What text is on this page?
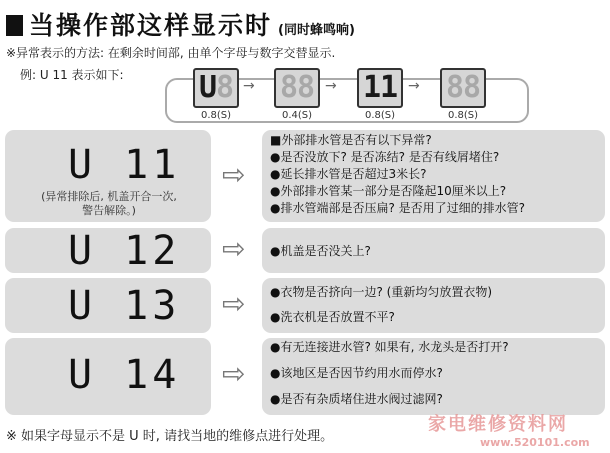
当操作部这样显示时 (同时蜂鸣响)
※异常表示的方法: 在剩余时间部, 由单个字母与数字交替显示.
例: U 11 表示如下:	U 8 88 11 88
→	→	→
0.8(S)	0.4(S)	0.8(S)	0.8(S)
U 11
(异常排除后, 机盖开合一次, 警告解除。)
⇨
■外部排水管是否有以下异常?
●是否没放下? 是否冻结? 是否有线屑堵住?
●延长排水管是否超过3米长?
●外部排水管某一部分是否隆起10厘米以上?
●排水管端部是否压扁? 是否用了过细的排水管?
U 12 ⇨ ●机盖是否没关上?
U 13 ⇨ ●衣物是否挤向一边? (重新均匀放置衣物)
●洗衣机是否放置不平?
U 14 ⇨
●有无连接进水管? 如果有, 水龙头是否打开?
●该地区是否因节约用水而停水?
●是否有杂质堵住进水阀过滤网?
※ 如果字母显示不是 U 时, 请找当地的维修点进行处理。
家电维修资料网
www.520101.com
